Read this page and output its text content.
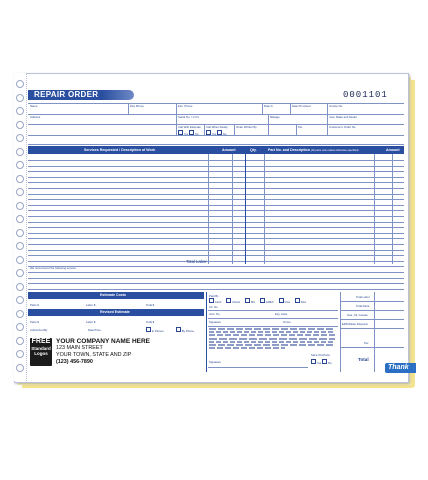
REPAIR ORDER	0001101
Name	Day Phone	Eve. Phone	Date In	Date Promised	Invoice No.
Address	Serial No. / V.I.N.	Mileage	Year, Make and Model
Call With Estimate Call When Ready	Order Written By	Tax	Customer's Order No.
Yes No	Yes No
Services Requested / Description of Work	Amount	Qty.	Part No. and Description (All parts new unless otherwise specified)	Amount
Total Labor
We recommend the following service:
Estimate Costs
Parts $	Labor $	Total $
Revised Estimate
Parts $	Labor $	Total $
Authorized By	Date/Time	In Person	By Phone
Paid By
Cash	Check	MC	AMEX	Visa	Disc
Ck. No.
Acct. No.	Exp. Date
Signature	Terms
Signature
Save Old Parts
Yes No
Total Labor
Total Parts
Gas, Oil, Grease
EPA/Waste Disposal
Tax
Total
FREE
Standard
Logos
YOUR COMPANY NAME HERE
123 MAIN STREET
YOUR TOWN, STATE AND ZIP
(123) 456-7890
Thank You
